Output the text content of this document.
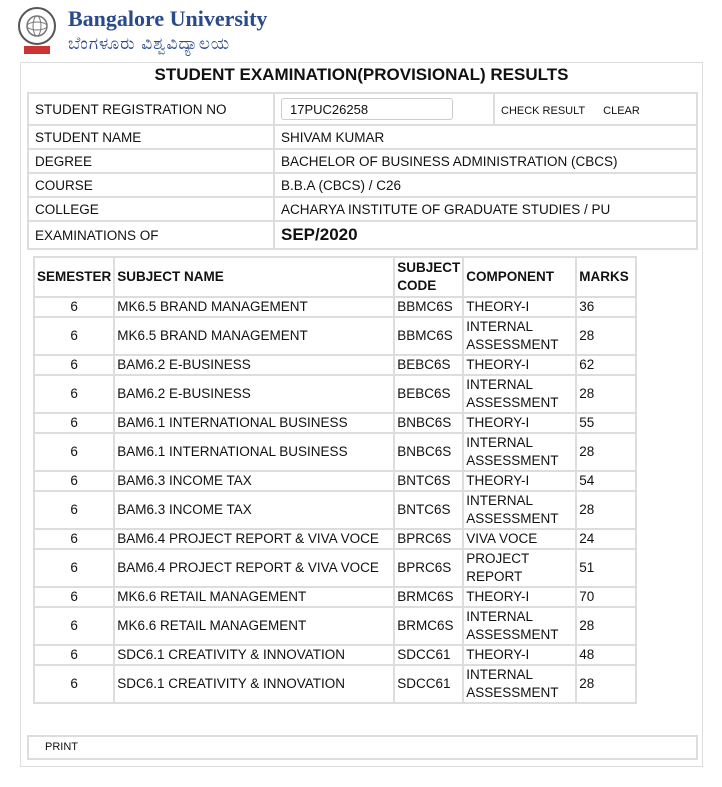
Bangalore University
ಬೆಂಗಳೂರು ವಿಶ್ವವಿದ್ಯಾಲಯ
STUDENT EXAMINATION(PROVISIONAL) RESULTS
STUDENT REGISTRATION NO	17PUC26258	CHECK RESULT CLEAR
STUDENT NAME	SHIVAM KUMAR	
DEGREE	BACHELOR OF BUSINESS ADMINISTRATION (CBCS)	
COURSE	B.B.A (CBCS) / C26	
COLLEGE	ACHARYA INSTITUTE OF GRADUATE STUDIES / PU	
EXAMINATIONS OF	SEP/2020	
SEMESTER	SUBJECT NAME	SUBJECT CODE	COMPONENT	MARKS
6	MK6.5 BRAND MANAGEMENT	BBMC6S	THEORY-I	36
6	MK6.5 BRAND MANAGEMENT	BBMC6S	INTERNAL ASSESSMENT	28
6	BAM6.2 E-BUSINESS	BEBC6S	THEORY-I	62
6	BAM6.2 E-BUSINESS	BEBC6S	INTERNAL ASSESSMENT	28
6	BAM6.1 INTERNATIONAL BUSINESS	BNBC6S	THEORY-I	55
6	BAM6.1 INTERNATIONAL BUSINESS	BNBC6S	INTERNAL ASSESSMENT	28
6	BAM6.3 INCOME TAX	BNTC6S	THEORY-I	54
6	BAM6.3 INCOME TAX	BNTC6S	INTERNAL ASSESSMENT	28
6	BAM6.4 PROJECT REPORT & VIVA VOCE	BPRC6S	VIVA VOCE	24
6	BAM6.4 PROJECT REPORT & VIVA VOCE	BPRC6S	PROJECT REPORT	51
6	MK6.6 RETAIL MANAGEMENT	BRMC6S	THEORY-I	70
6	MK6.6 RETAIL MANAGEMENT	BRMC6S	INTERNAL ASSESSMENT	28
6	SDC6.1 CREATIVITY & INNOVATION	SDCC61	THEORY-I	48
6	SDC6.1 CREATIVITY & INNOVATION	SDCC61	INTERNAL ASSESSMENT	28
PRINT
